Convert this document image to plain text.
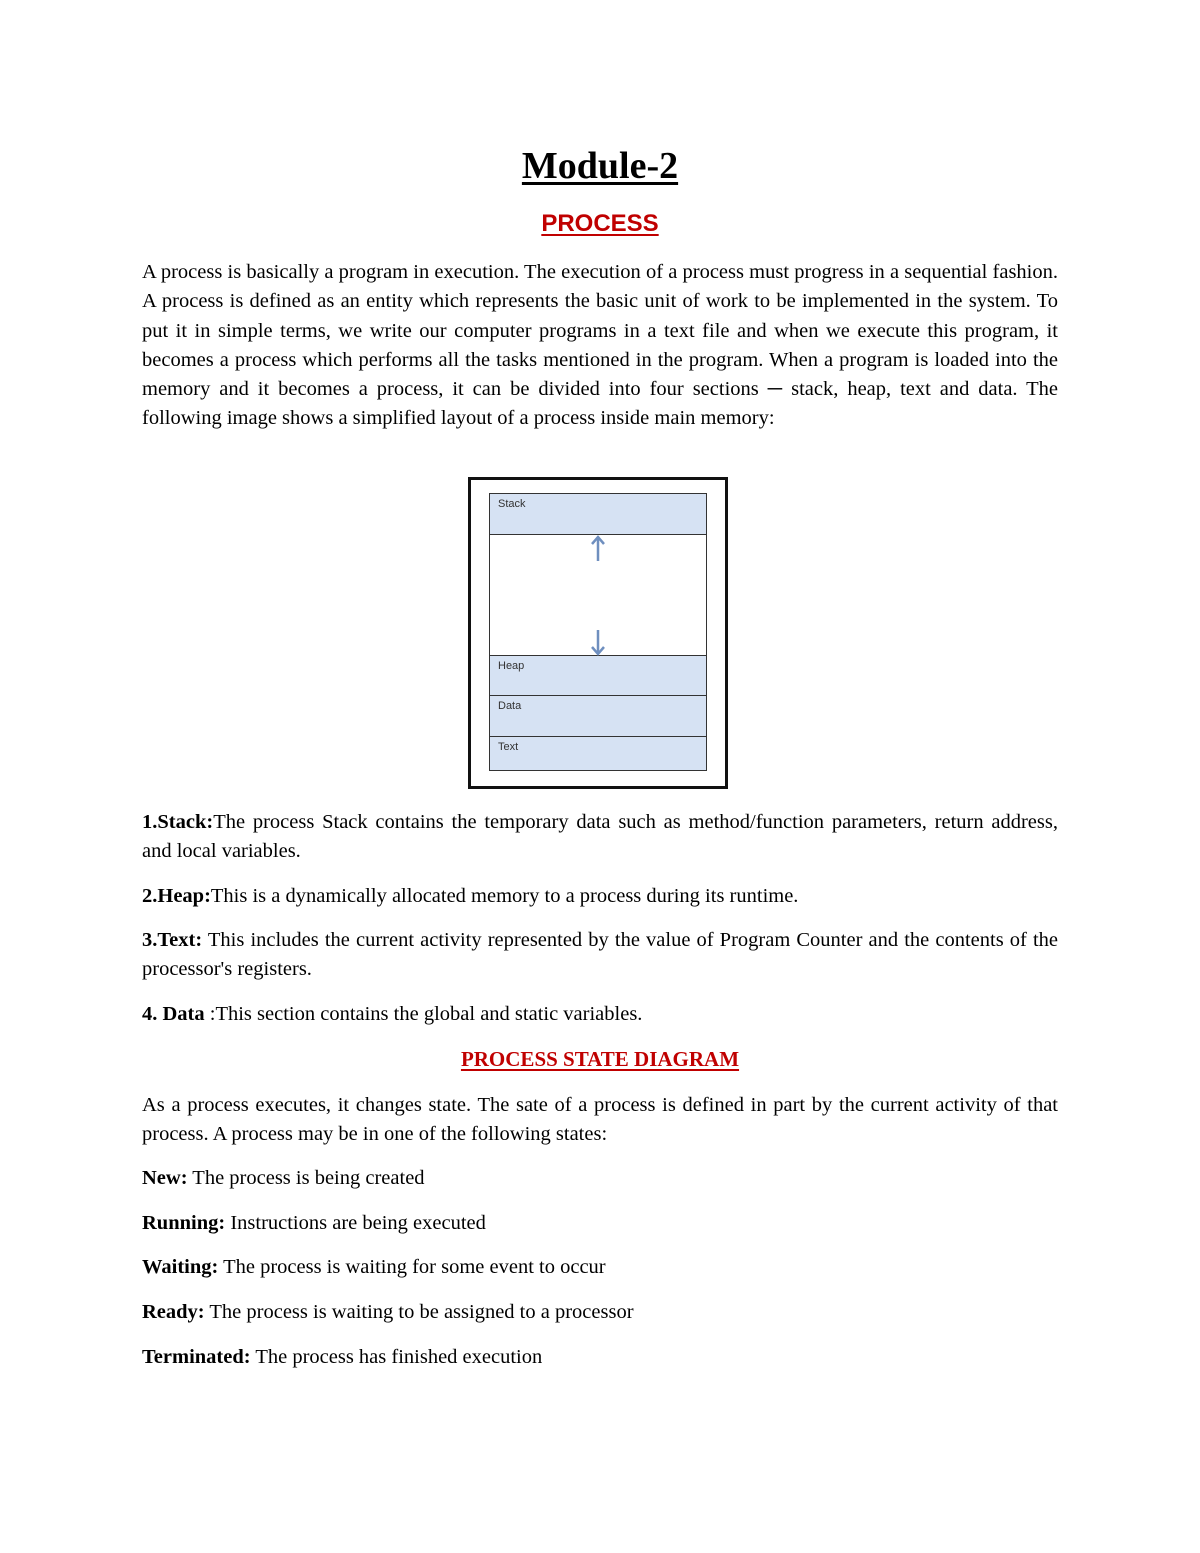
Module-2
PROCESS

A process is basically a program in execution. The execution of a process must progress in a sequential fashion. A process is defined as an entity which represents the basic unit of work to be implemented in the system. To put it in simple terms, we write our computer programs in a text file and when we execute this program, it becomes a process which performs all the tasks mentioned in the program. When a program is loaded into the memory and it becomes a process, it can be divided into four sections ─ stack, heap, text and data. The following image shows a simplified layout of a process inside main memory:

Stack
Heap
Data
Text

1.Stack:The process Stack contains the temporary data such as method/function parameters, return address, and local variables.

2.Heap:This is a dynamically allocated memory to a process during its runtime.

3.Text: This includes the current activity represented by the value of Program Counter and the contents of the processor's registers.

4. Data :This section contains the global and static variables.

PROCESS STATE DIAGRAM

As a process executes, it changes state. The sate of a process is defined in part by the current activity of that process. A process may be in one of the following states:

New: The process is being created

Running: Instructions are being executed

Waiting: The process is waiting for some event to occur

Ready: The process is waiting to be assigned to a processor

Terminated: The process has finished execution
